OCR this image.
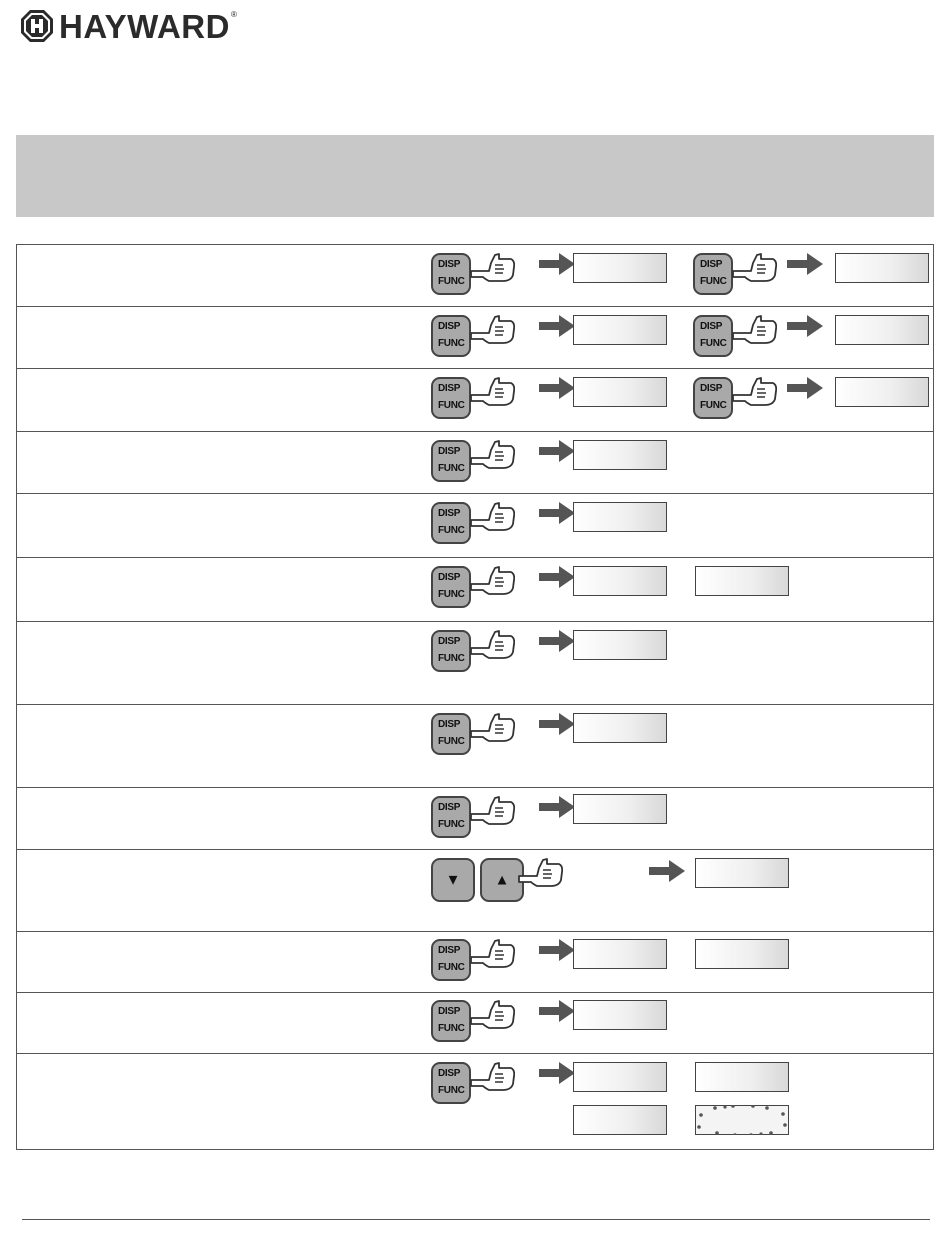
HAYWARD ®
DISP
FUNC
DISP
FUNC
DISP
FUNC
DISP
FUNC
DISP
FUNC
DISP
FUNC
DISP
FUNC
DISP
FUNC
DISP
FUNC
DISP
FUNC
DISP
FUNC
DISP
FUNC
▼ ▲
DISP
FUNC
DISP
FUNC
DISP
FUNC
